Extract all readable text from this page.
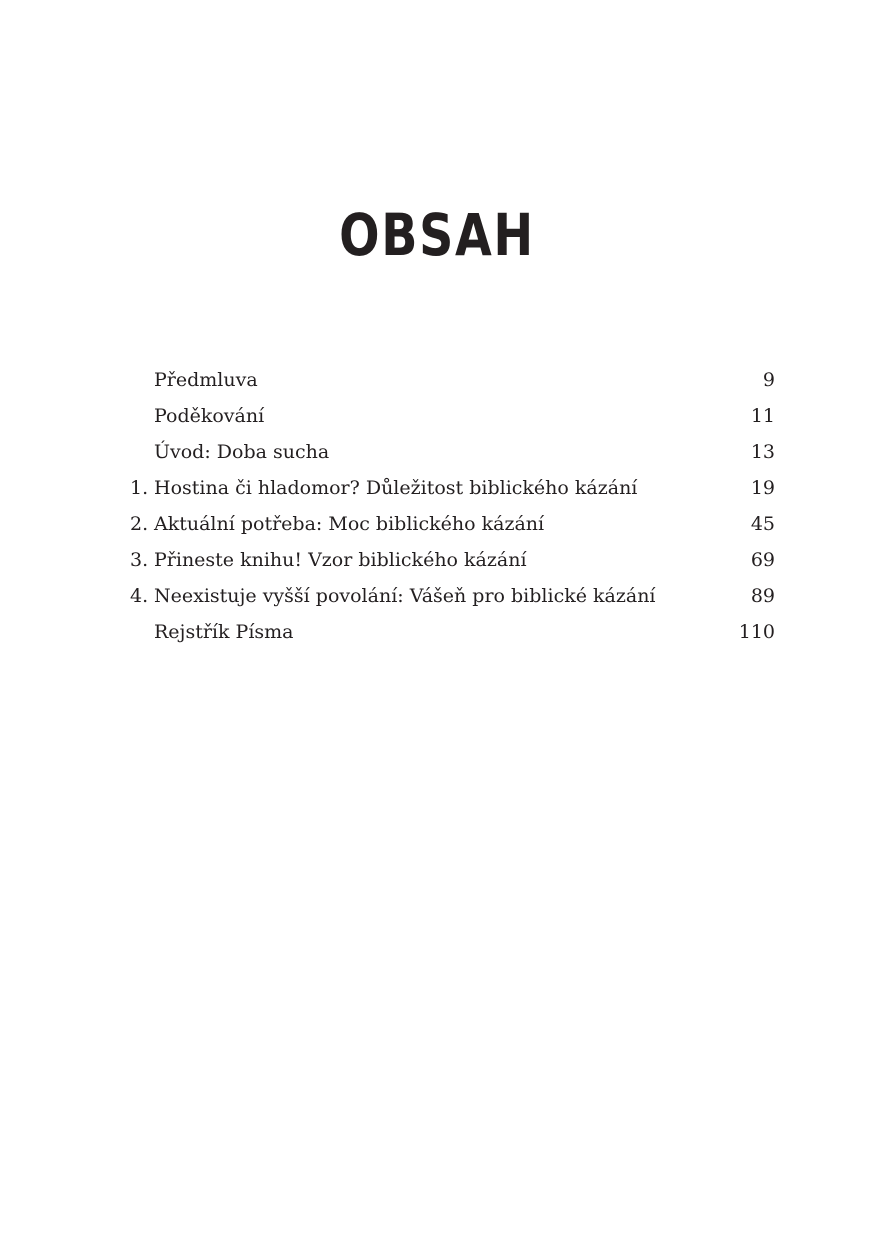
OBSAH
Předmluva	9
Poděkování	11
Úvod: Doba sucha	13
1. Hostina či hladomor? Důležitost biblického kázání	19
2. Aktuální potřeba: Moc biblického kázání	45
3. Přineste knihu! Vzor biblického kázání	69
4. Neexistuje vyšší povolání: Vášeň pro biblické kázání	89
Rejstřík Písma	110
